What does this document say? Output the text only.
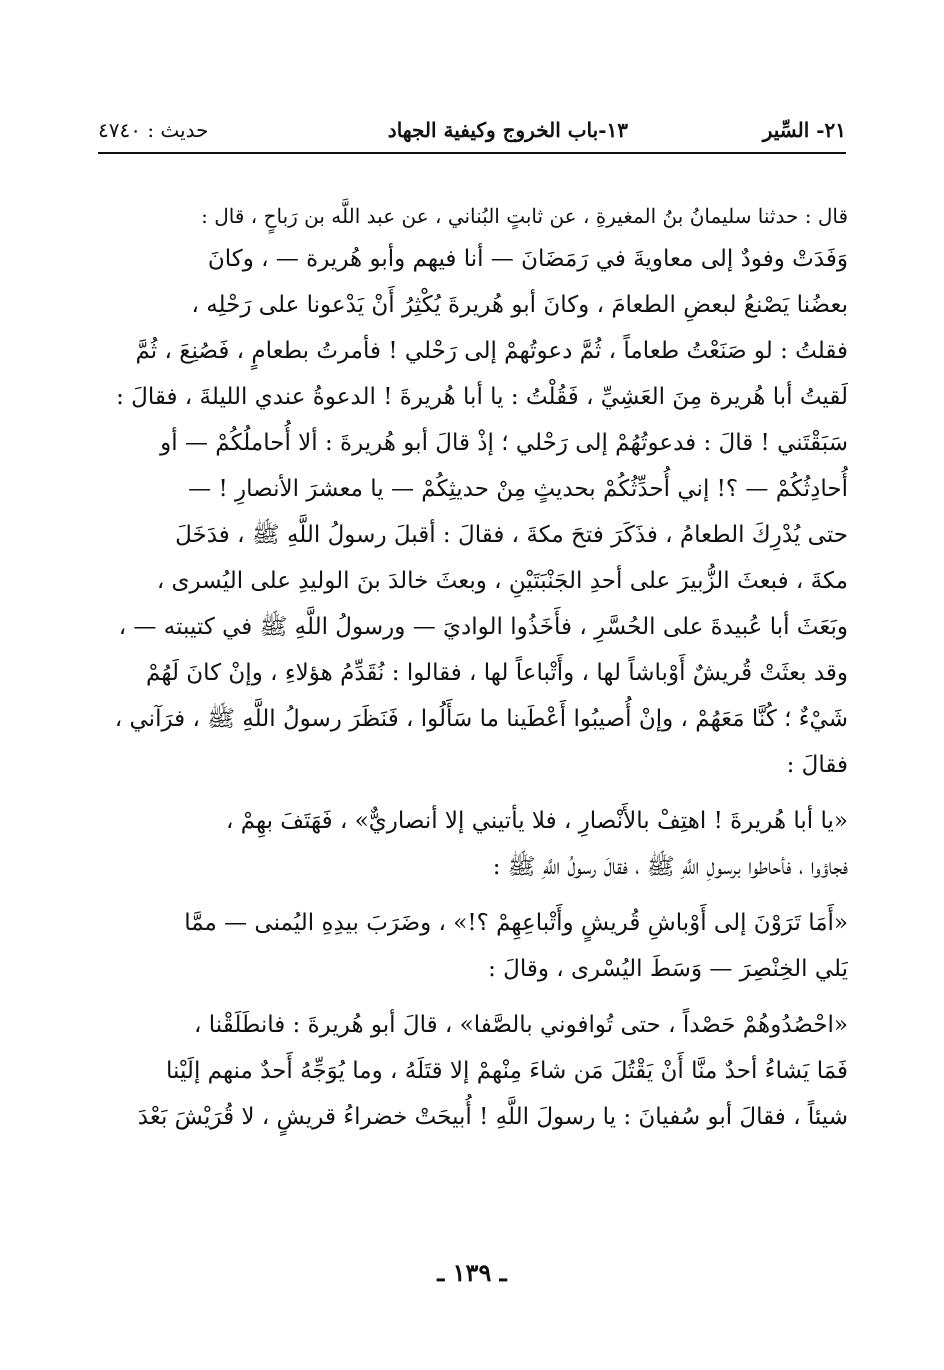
٢١- السِّير
١٣-باب الخروج وكيفية الجهاد
حديث : ٤٧٤٠
قال : حدثنا سليمانُ بنُ المغيرةِ ، عن ثابتٍ البُناني ، عن عبد اللَّه بن رَباحٍ ، قال :
وَفَدَتْ وفودٌ إلى معاويةَ في رَمَضَانَ — أنا فيهم وأبو هُريرة — ، وكانَ
بعضُنا يَصْنعُ لبعضِ الطعامَ ، وكانَ أبو هُريرةَ يُكْثِرُ أَنْ يَدْعونا على رَحْلِه ،
فقلتُ : لو صَنَعْتُ طعاماً ، ثُمَّ دعوتُهمْ إلى رَحْلي ! فأمرتُ بطعامٍ ، فَصُنِعَ ، ثُمَّ
لَقيتُ أبا هُريرة مِنَ العَشِيِّ ، فَقُلْتُ : يا أبا هُريرةَ ! الدعوةُ عندي الليلةَ ، فقالَ :
سَبَقْتَني ! قالَ : فدعوتُهُمْ إلى رَحْلي ؛ إذْ قالَ أبو هُريرةَ : ألا أُحاملُكُمْ — أو
أُحادِثُكُمْ — ؟! إني أُحدِّثُكُمْ بحديثٍ مِنْ حديثِكُمْ — يا معشرَ الأنصارِ ! —
حتى يُدْرِكَ الطعامُ ، فذَكَرَ فتحَ مكةَ ، فقالَ : أقبلَ رسولُ اللَّهِ ﷺ ، فدَخَلَ
مكةَ ، فبعثَ الزُّبيرَ على أحدِ الجَنْبَتَيْنِ ، وبعثَ خالدَ بنَ الوليدِ على اليُسرى ،
وبَعَثَ أبا عُبيدةَ على الحُسَّرِ ، فأَخَذُوا الواديَ — ورسولُ اللَّهِ ﷺ في كتيبته — ،
وقد بعثَتْ قُريشٌ أَوْباشاً لها ، وأَتْباعاً لها ، فقالوا : نُقَدِّمُ هؤلاءِ ، وإنْ كانَ لَهُمْ
شَيْءٌ ؛ كُنَّا مَعَهُمْ ، وإنْ أُصيبُوا أَعْطَينا ما سَأَلُوا ، فَنَظَرَ رسولُ اللَّهِ ﷺ ، فرَآني ،
فقالَ :
«يا أبا هُريرةَ ! اهتِفْ بالأَنْصارِ ، فلا يأتيني إلا أنصاريٌّ» ، فَهَتَفَ بهِمْ ،
فجاؤوا ، فأحاطوا برسولِ اللَّهِ ﷺ ، فقالَ رسولُ اللَّهِ ﷺ :
«أَمَا تَرَوْنَ إلى أَوْباشِ قُريشٍ وأَتْباعِهِمْ ؟!» ، وضَرَبَ بيدِهِ اليُمنى — ممَّا
يَلي الخِنْصِرَ — وَسَطَ اليُسْرى ، وقالَ :
«احْصُدُوهُمْ حَصْداً ، حتى تُوافوني بالصَّفا» ، قالَ أبو هُريرةَ : فانطَلَقْنا ،
فَمَا يَشاءُ أحدٌ منَّا أَنْ يَقْتُلَ مَن شاءَ مِنْهمْ إلا قتَلَهُ ، وما يُوَجِّهُ أَحدٌ منهم إلَيْنا
شيئاً ، فقالَ أبو سُفيانَ : يا رسولَ اللَّهِ ! أُبيحَتْ خضراءُ قريشٍ ، لا قُرَيْشَ بَعْدَ
ـ ١٣٩ ـ
